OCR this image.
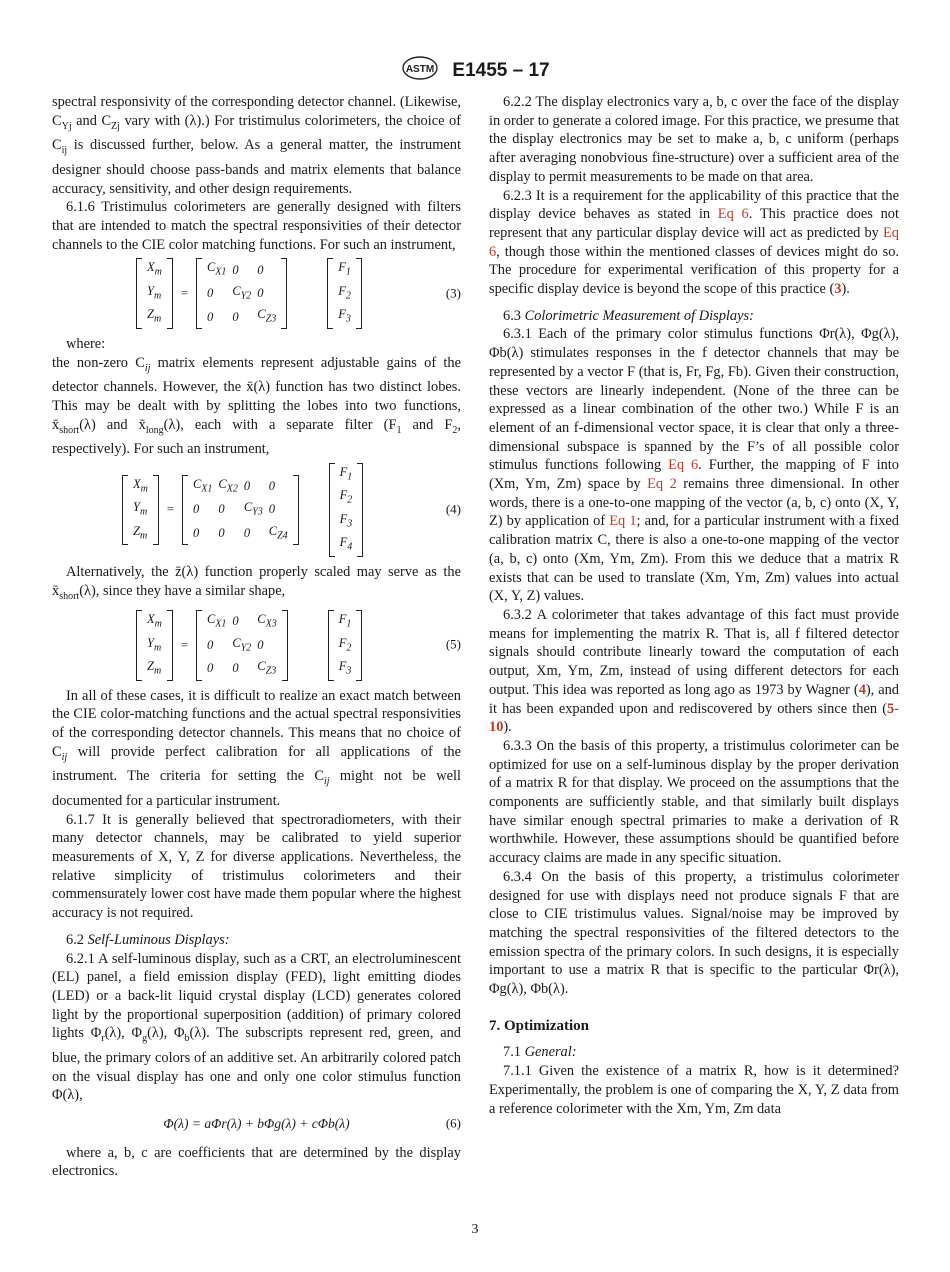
ASTM E1455 – 17

spectral responsivity of the corresponding detector channel. (Likewise, $C_{Yj}$ and $C_{Zj}$ vary with (λ).) For tristimulus colorimeters, the choice of $C_{ij}$ is discussed further, below. As a general matter, the instrument designer should choose pass-bands and matrix elements that balance accuracy, sensitivity, and other design requirements.

6.1.6 Tristimulus colorimeters are generally designed with filters that are intended to match the spectral responsivities of their detector channels to the CIE color matching functions. For such an instrument,

$X_m$
$Y_m$
$Z_m$
=
$C_{X1}$	0	0
0	$C_{Y2}$	0
0	0	$C_{Z3}$
$F_1$
$F_2$
$F_3$
(3)

where:

the non-zero $C_{ij}$ matrix elements represent adjustable gains of the detector channels. However, the x̄(λ) function has two distinct lobes. This may be dealt with by splitting the lobes into two functions, $x̄_{short}(\lambda)$ and $x̄_{long}(\lambda)$, each with a separate filter ($F_1$ and $F_2$, respectively). For such an instrument,

$X_m$
$Y_m$
$Z_m$
=
$C_{X1}$	$C_{X2}$	0	0
0	0	$C_{Y3}$	0
0	0	0	$C_{Z4}$
$F_1$
$F_2$
$F_3$
$F_4$
(4)

Alternatively, the z̄(λ) function properly scaled may serve as the $x̄_{short}(\lambda)$, since they have a similar shape,

$X_m$
$Y_m$
$Z_m$
=
$C_{X1}$	0	$C_{X3}$
0	$C_{Y2}$	0
0	0	$C_{Z3}$
$F_1$
$F_2$
$F_3$
(5)

In all of these cases, it is difficult to realize an exact match between the CIE color-matching functions and the actual spectral responsivities of the corresponding detector channels. This means that no choice of $C_{ij}$ will provide perfect calibration for all applications of the instrument. The criteria for setting the $C_{ij}$ might not be well documented for a particular instrument.

6.1.7 It is generally believed that spectroradiometers, with their many detector channels, may be calibrated to yield superior measurements of X, Y, Z for diverse applications. Nevertheless, the relative simplicity of tristimulus colorimeters and their commensurately lower cost have made them popular where the highest accuracy is not required.

6.2 Self-Luminous Displays:

6.2.1 A self-luminous display, such as a CRT, an electroluminescent (EL) panel, a field emission display (FED), light emitting diodes (LED) or a back-lit liquid crystal display (LCD) generates colored light by the proportional superposition (addition) of primary colored lights $\Phi_r(\lambda)$, $\Phi_g(\lambda)$, $\Phi_b(\lambda)$. The subscripts represent red, green, and blue, the primary colors of an additive set. An arbitrarily colored patch on the visual display has one and only one color stimulus function Φ(λ),

Φ(λ) = aΦr(λ) + bΦg(λ) + cΦb(λ)	(6)

where a, b, c are coefficients that are determined by the display electronics.

6.2.2 The display electronics vary a, b, c over the face of the display in order to generate a colored image. For this practice, we presume that the display electronics may be set to make a, b, c uniform (perhaps after averaging nonobvious fine-structure) over a sufficient area of the display to permit measurements to be made on that area.

6.2.3 It is a requirement for the applicability of this practice that the display device behaves as stated in Eq 6. This practice does not represent that any particular display device will act as predicted by Eq 6, though those within the mentioned classes of devices might do so. The procedure for experimental verification of this property for a specific display device is beyond the scope of this practice (3).

6.3 Colorimetric Measurement of Displays:

6.3.1 Each of the primary color stimulus functions Φr(λ), Φg(λ), Φb(λ) stimulates responses in the f detector channels that may be represented by a vector F (that is, Fr, Fg, Fb). Given their construction, these vectors are linearly independent. (None of the three can be expressed as a linear combination of the other two.) While F is an element of an f-dimensional vector space, it is clear that only a three-dimensional subspace is spanned by the F’s of all possible color stimulus functions following Eq 6. Further, the mapping of F into (Xm, Ym, Zm) space by Eq 2 remains three dimensional. In other words, there is a one-to-one mapping of the vector (a, b, c) onto (X, Y, Z) by application of Eq 1; and, for a particular instrument with a fixed calibration matrix C, there is also a one-to-one mapping of the vector (a, b, c) onto (Xm, Ym, Zm). From this we deduce that a matrix R exists that can be used to translate (Xm, Ym, Zm) values into actual (X, Y, Z) values.

6.3.2 A colorimeter that takes advantage of this fact must provide means for implementing the matrix R. That is, all f filtered detector signals should contribute linearly toward the computation of each output, Xm, Ym, Zm, instead of using different detectors for each output. This idea was reported as long ago as 1973 by Wagner (4), and it has been expanded upon and rediscovered by others since then (5-10).

6.3.3 On the basis of this property, a tristimulus colorimeter can be optimized for use on a self-luminous display by the proper derivation of a matrix R for that display. We proceed on the assumptions that the components are sufficiently stable, and that similarly built displays have similar enough spectral primaries to make a derivation of R worthwhile. However, these assumptions should be quantified before accuracy claims are made in any specific situation.

6.3.4 On the basis of this property, a tristimulus colorimeter designed for use with displays need not produce signals F that are close to CIE tristimulus values. Signal/noise may be improved by matching the spectral responsivities of the filtered detectors to the emission spectra of the primary colors. In such designs, it is especially important to use a matrix R that is specific to the particular Φr(λ), Φg(λ), Φb(λ).

7. Optimization

7.1 General:

7.1.1 Given the existence of a matrix R, how is it determined? Experimentally, the problem is one of comparing the X, Y, Z data from a reference colorimeter with the Xm, Ym, Zm data

3
